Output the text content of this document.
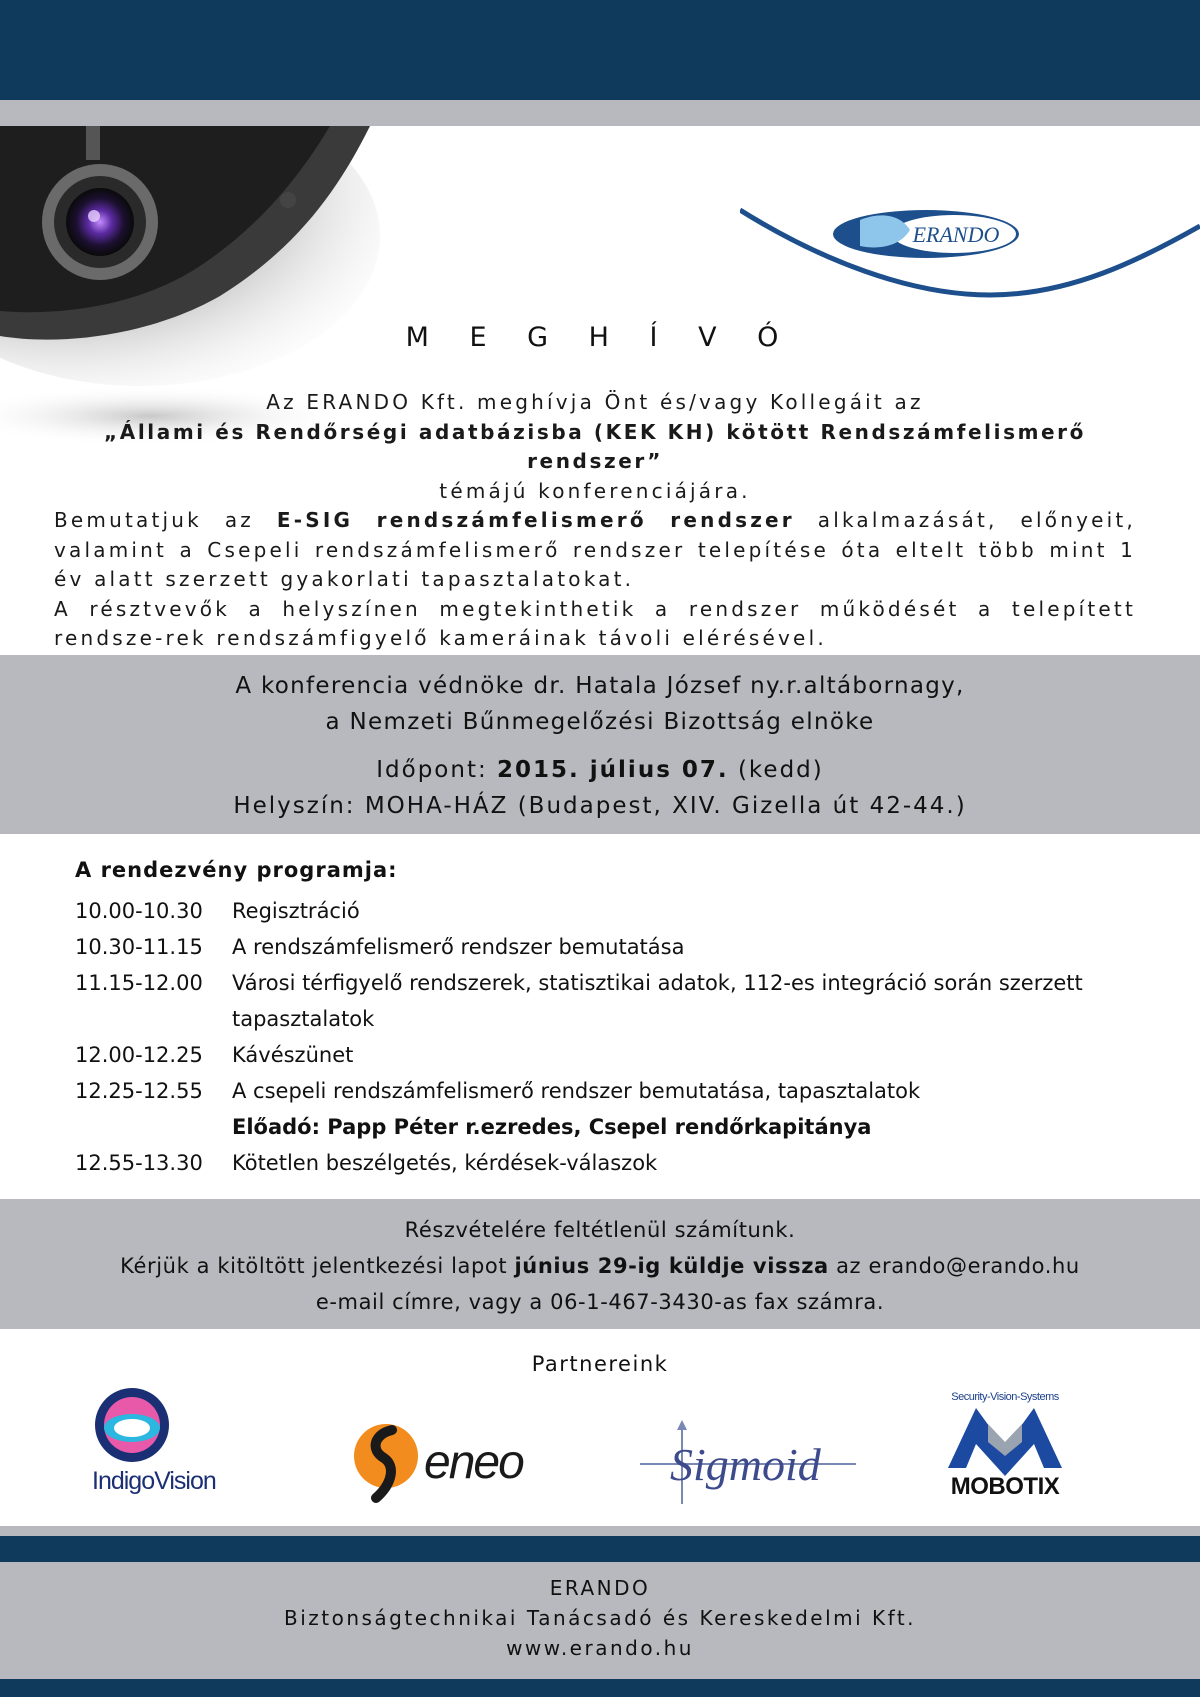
ERANDO
M E G H Í V Ó

Az ERANDO Kft. meghívja Önt és/vagy Kollegáit az

„Állami és Rendőrségi adatbázisba (KEK KH) kötött Rendszámfelismerő rendszer”

témájú konferenciájára.

Bemutatjuk az E-SIG rendszámfelismerő rendszer alkalmazását, előnyeit, valamint a Csepeli rendszámfelismerő rendszer telepítése óta eltelt több mint 1 év alatt szerzett gyakorlati tapasztalatokat.

A résztvevők a helyszínen megtekinthetik a rendszer működését a telepített rendsze-rek rendszámfigyelő kameráinak távoli elérésével.

A konferencia védnöke dr. Hatala József ny.r.altábornagy,
a Nemzeti Bűnmegelőzési Bizottság elnöke
Időpont: 2015. július 07. (kedd)
Helyszín: MOHA-HÁZ (Budapest, XIV. Gizella út 42-44.)
A rendezvény programja:
10.00-10.30	Regisztráció
10.30-11.15	A rendszámfelismerő rendszer bemutatása
11.15-12.00	Városi térfigyelő rendszerek, statisztikai adatok, 112-es integráció során szerzett tapasztalatok
12.00-12.25	Kávészünet
12.25-12.55	A csepeli rendszámfelismerő rendszer bemutatása, tapasztalatok
Előadó: Papp Péter r.ezredes, Csepel rendőrkapitánya
12.55-13.30	Kötetlen beszélgetés, kérdések-válaszok
Részvételére feltétlenül számítunk.
Kérjük a kitöltött jelentkezési lapot június 29-ig küldje vissza az erando@erando.hu
e-mail címre, vagy a 06-1-467-3430-as fax számra.
Partnereink
IndigoVision	eneo	Sigmoid
Security-Vision-Systems
MOBOTIX
ERANDO
Biztonságtechnikai Tanácsadó és Kereskedelmi Kft.
www.erando.hu
